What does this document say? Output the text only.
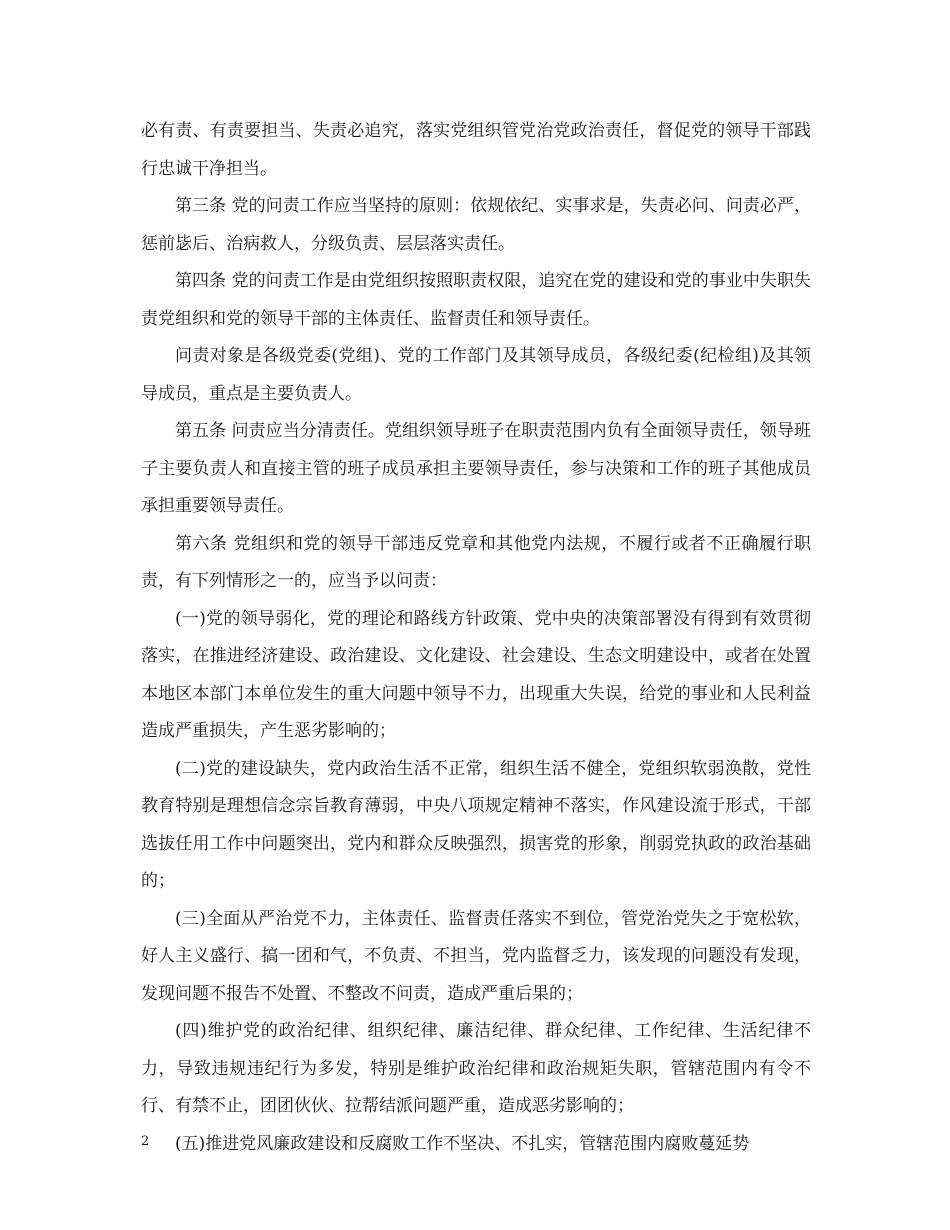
必有责、有责要担当、失责必追究，落实党组织管党治党政治责任，督促党的领导干部践行忠诚干净担当。

第三条 党的问责工作应当坚持的原则：依规依纪、实事求是，失责必问、问责必严，惩前毖后、治病救人，分级负责、层层落实责任。

第四条 党的问责工作是由党组织按照职责权限，追究在党的建设和党的事业中失职失责党组织和党的领导干部的主体责任、监督责任和领导责任。

问责对象是各级党委(党组)、党的工作部门及其领导成员，各级纪委(纪检组)及其领导成员，重点是主要负责人。

第五条 问责应当分清责任。党组织领导班子在职责范围内负有全面领导责任，领导班子主要负责人和直接主管的班子成员承担主要领导责任，参与决策和工作的班子其他成员承担重要领导责任。

第六条 党组织和党的领导干部违反党章和其他党内法规，不履行或者不正确履行职责，有下列情形之一的，应当予以问责：

(一)党的领导弱化，党的理论和路线方针政策、党中央的决策部署没有得到有效贯彻落实，在推进经济建设、政治建设、文化建设、社会建设、生态文明建设中，或者在处置本地区本部门本单位发生的重大问题中领导不力，出现重大失误，给党的事业和人民利益造成严重损失，产生恶劣影响的；

(二)党的建设缺失，党内政治生活不正常，组织生活不健全，党组织软弱涣散，党性教育特别是理想信念宗旨教育薄弱，中央八项规定精神不落实，作风建设流于形式，干部选拔任用工作中问题突出，党内和群众反映强烈，损害党的形象，削弱党执政的政治基础的；

(三)全面从严治党不力，主体责任、监督责任落实不到位，管党治党失之于宽松软，好人主义盛行、搞一团和气，不负责、不担当，党内监督乏力，该发现的问题没有发现，发现问题不报告不处置、不整改不问责，造成严重后果的；

(四)维护党的政治纪律、组织纪律、廉洁纪律、群众纪律、工作纪律、生活纪律不力，导致违规违纪行为多发，特别是维护政治纪律和政治规矩失职，管辖范围内有令不行、有禁不止，团团伙伙、拉帮结派问题严重，造成恶劣影响的；

(五)推进党风廉政建设和反腐败工作不坚决、不扎实，管辖范围内腐败蔓延势

2
